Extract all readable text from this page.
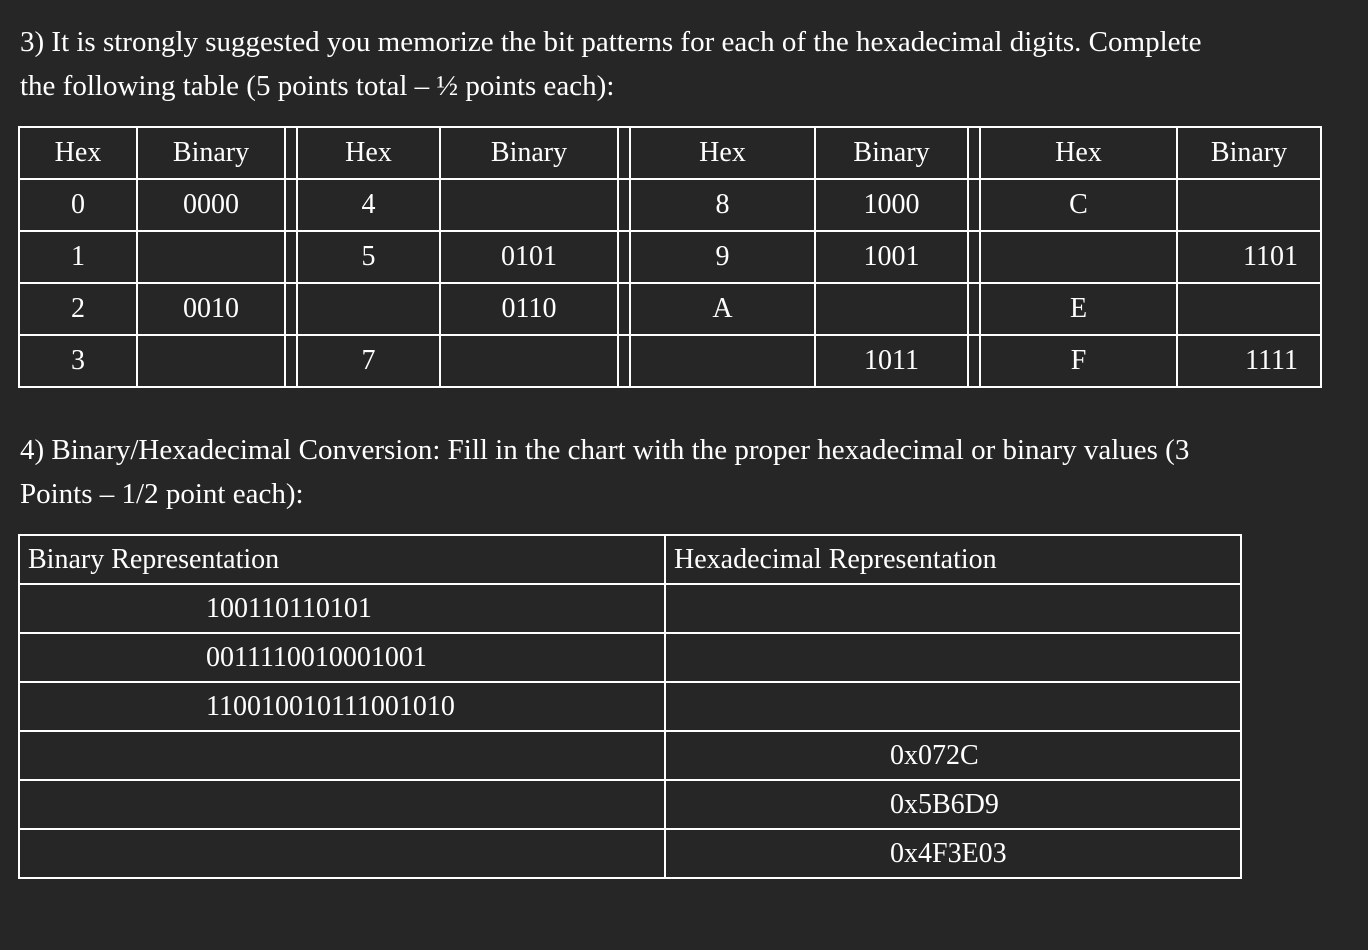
3) It is strongly suggested you memorize the bit patterns for each of the hexadecimal digits. Complete
the following table (5 points total – ½ points each):
Hex	Binary		Hex	Binary		Hex	Binary		Hex	Binary
0	0000		4			8	1000		C	
1			5	0101		9	1001			1101
2	0010			0110		A			E	
3			7				1011		F	1111
4) Binary/Hexadecimal Conversion: Fill in the chart with the proper hexadecimal or binary values (3
Points – 1/2 point each):
Binary Representation	Hexadecimal Representation
100110110101	
0011110010001001	
110010010111001010	
	0x072C
	0x5B6D9
	0x4F3E03
